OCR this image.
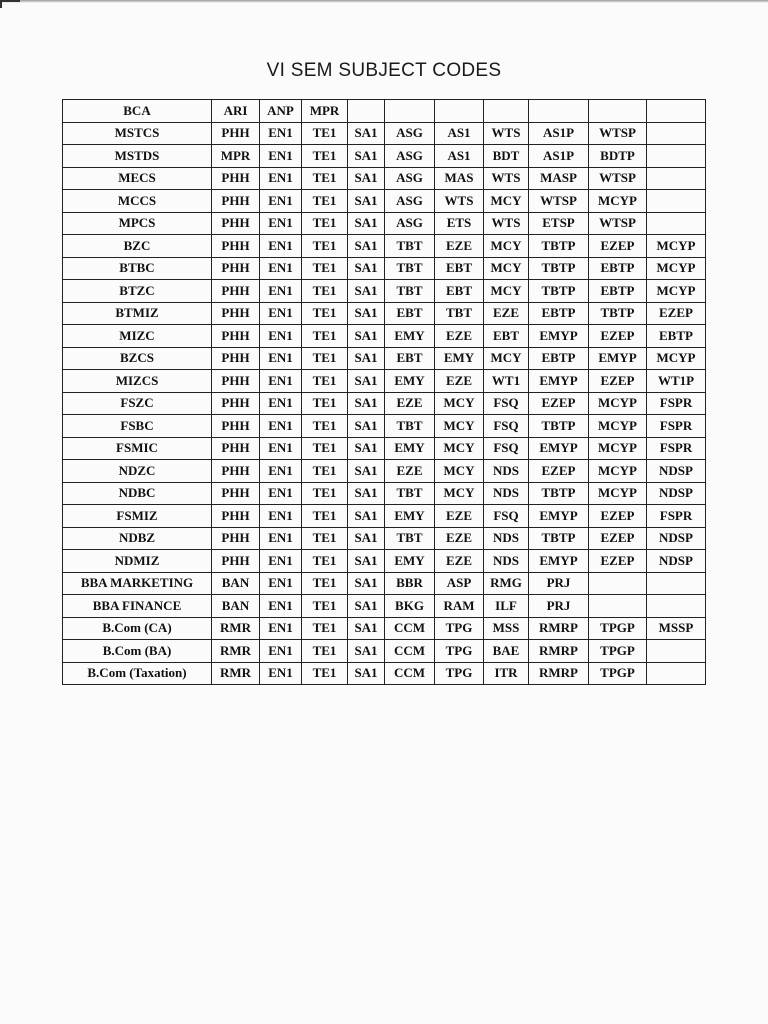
VI SEM SUBJECT CODES
BCA	ARI	ANP	MPR							
MSTCS	PHH	EN1	TE1	SA1	ASG	AS1	WTS	AS1P	WTSP	
MSTDS	MPR	EN1	TE1	SA1	ASG	AS1	BDT	AS1P	BDTP	
MECS	PHH	EN1	TE1	SA1	ASG	MAS	WTS	MASP	WTSP	
MCCS	PHH	EN1	TE1	SA1	ASG	WTS	MCY	WTSP	MCYP	
MPCS	PHH	EN1	TE1	SA1	ASG	ETS	WTS	ETSP	WTSP	
BZC	PHH	EN1	TE1	SA1	TBT	EZE	MCY	TBTP	EZEP	MCYP
BTBC	PHH	EN1	TE1	SA1	TBT	EBT	MCY	TBTP	EBTP	MCYP
BTZC	PHH	EN1	TE1	SA1	TBT	EBT	MCY	TBTP	EBTP	MCYP
BTMIZ	PHH	EN1	TE1	SA1	EBT	TBT	EZE	EBTP	TBTP	EZEP
MIZC	PHH	EN1	TE1	SA1	EMY	EZE	EBT	EMYP	EZEP	EBTP
BZCS	PHH	EN1	TE1	SA1	EBT	EMY	MCY	EBTP	EMYP	MCYP
MIZCS	PHH	EN1	TE1	SA1	EMY	EZE	WT1	EMYP	EZEP	WT1P
FSZC	PHH	EN1	TE1	SA1	EZE	MCY	FSQ	EZEP	MCYP	FSPR
FSBC	PHH	EN1	TE1	SA1	TBT	MCY	FSQ	TBTP	MCYP	FSPR
FSMIC	PHH	EN1	TE1	SA1	EMY	MCY	FSQ	EMYP	MCYP	FSPR
NDZC	PHH	EN1	TE1	SA1	EZE	MCY	NDS	EZEP	MCYP	NDSP
NDBC	PHH	EN1	TE1	SA1	TBT	MCY	NDS	TBTP	MCYP	NDSP
FSMIZ	PHH	EN1	TE1	SA1	EMY	EZE	FSQ	EMYP	EZEP	FSPR
NDBZ	PHH	EN1	TE1	SA1	TBT	EZE	NDS	TBTP	EZEP	NDSP
NDMIZ	PHH	EN1	TE1	SA1	EMY	EZE	NDS	EMYP	EZEP	NDSP
BBA MARKETING	BAN	EN1	TE1	SA1	BBR	ASP	RMG	PRJ		
BBA FINANCE	BAN	EN1	TE1	SA1	BKG	RAM	ILF	PRJ		
B.Com (CA)	RMR	EN1	TE1	SA1	CCM	TPG	MSS	RMRP	TPGP	MSSP
B.Com (BA)	RMR	EN1	TE1	SA1	CCM	TPG	BAE	RMRP	TPGP	
B.Com (Taxation)	RMR	EN1	TE1	SA1	CCM	TPG	ITR	RMRP	TPGP	
